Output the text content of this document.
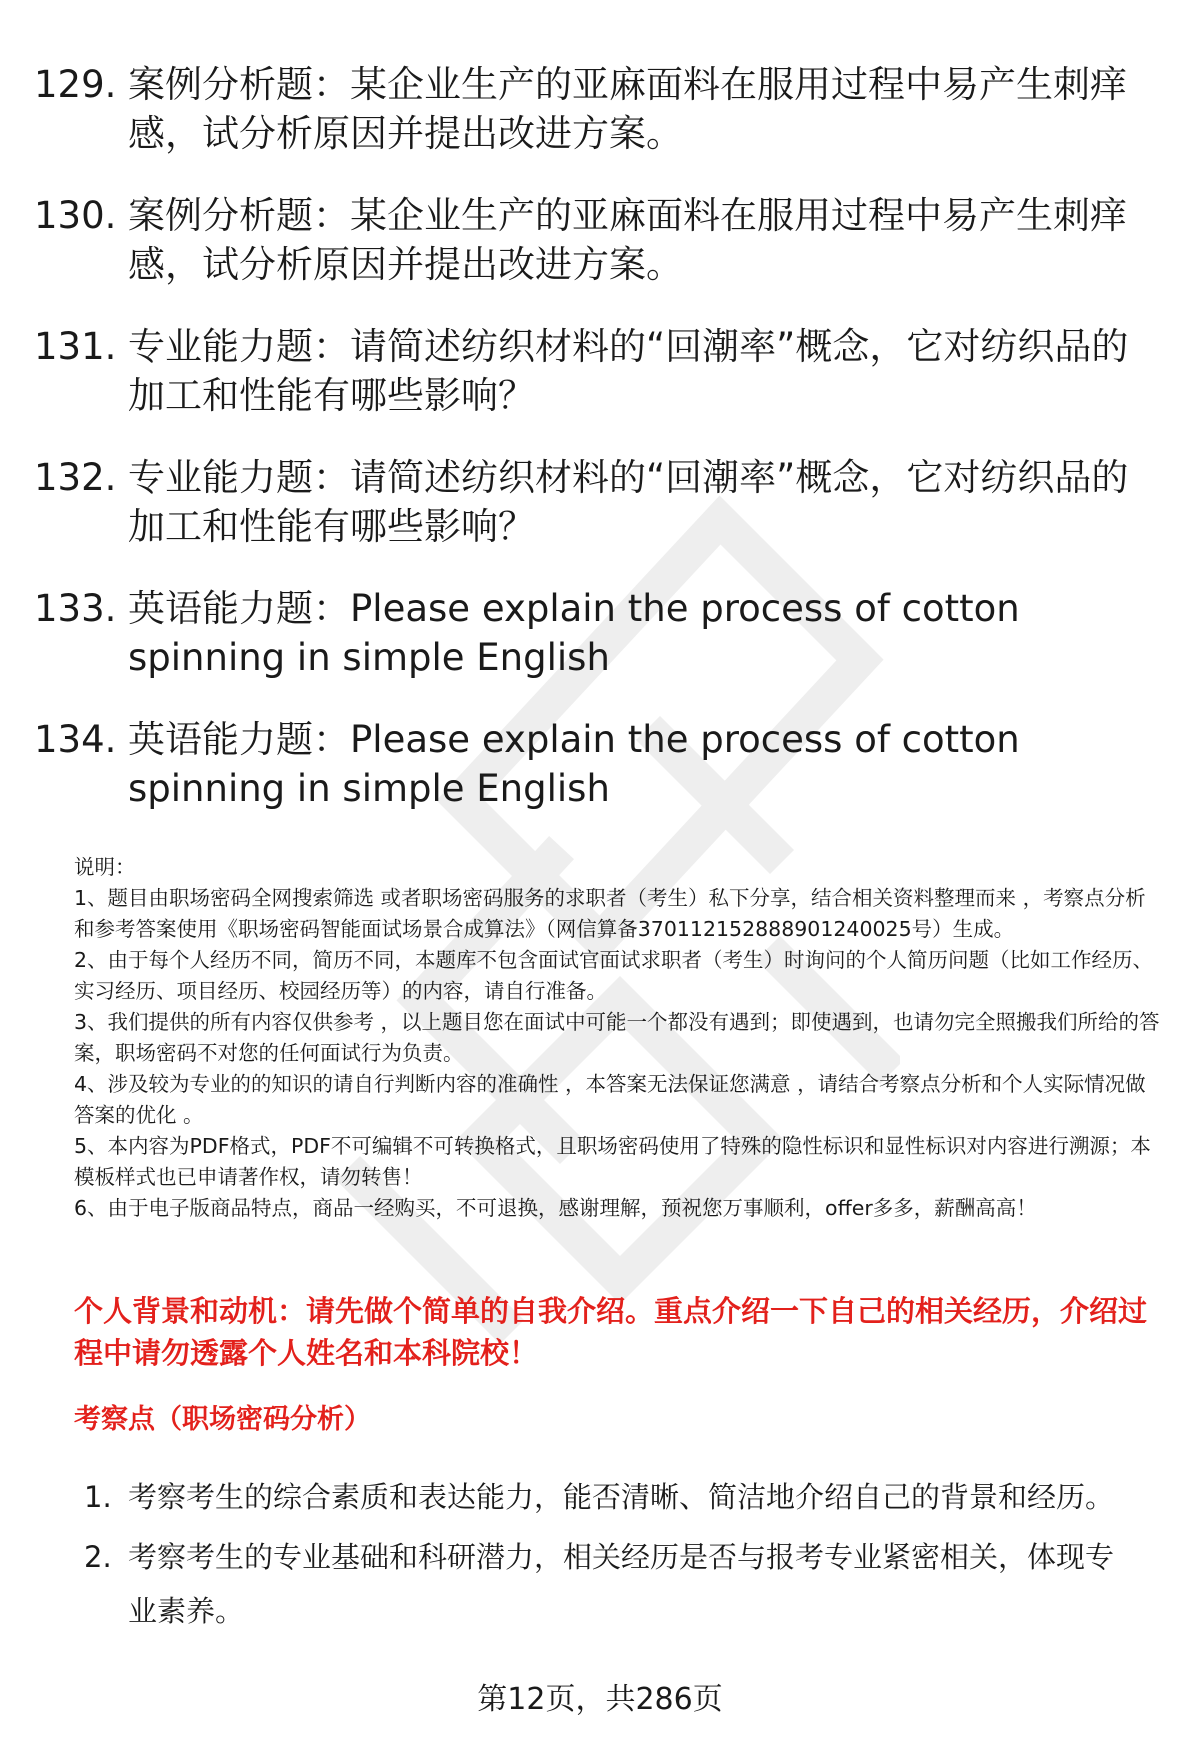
129. 案例分析题：某企业生产的亚麻面料在服用过程中易产生刺痒感，试分析原因并提出改进方案。
130. 案例分析题：某企业生产的亚麻面料在服用过程中易产生刺痒感，试分析原因并提出改进方案。
131. 专业能力题：请简述纺织材料的“回潮率”概念，它对纺织品的加工和性能有哪些影响？
132. 专业能力题：请简述纺织材料的“回潮率”概念，它对纺织品的加工和性能有哪些影响？
133. 英语能力题：Please explain the process of cotton spinning in simple English
134. 英语能力题：Please explain the process of cotton spinning in simple English

说明：

1、题目由职场密码全网搜索筛选 或者职场密码服务的求职者（考生）私下分享，结合相关资料整理而来 ，考察点分析和参考答案使用《职场密码智能面试场景合成算法》（网信算备370112152888901240025号）生成。

2、由于每个人经历不同，简历不同，本题库不包含面试官面试求职者（考生）时询问的个人简历问题（比如工作经历、实习经历、项目经历、校园经历等）的内容，请自行准备。

3、我们提供的所有内容仅供参考 ，以上题目您在面试中可能一个都没有遇到；即使遇到，也请勿完全照搬我们所给的答案，职场密码不对您的任何面试行为负责。

4、涉及较为专业的的知识的请自行判断内容的准确性 ，本答案无法保证您满意 ，请结合考察点分析和个人实际情况做答案的优化 。

5、本内容为PDF格式，PDF不可编辑不可转换格式，且职场密码使用了特殊的隐性标识和显性标识对内容进行溯源；本模板样式也已申请著作权，请勿转售！

6、由于电子版商品特点，商品一经购买，不可退换，感谢理解，预祝您万事顺利，offer多多，薪酬高高！

个人背景和动机：请先做个简单的自我介绍。重点介绍一下自己的相关经历，介绍过程中请勿透露个人姓名和本科院校！
考察点（职场密码分析）
1. 考察考生的综合素质和表达能力，能否清晰、简洁地介绍自己的背景和经历。
2. 考察考生的专业基础和科研潜力，相关经历是否与报考专业紧密相关，体现专业素养。
第12页，共286页
